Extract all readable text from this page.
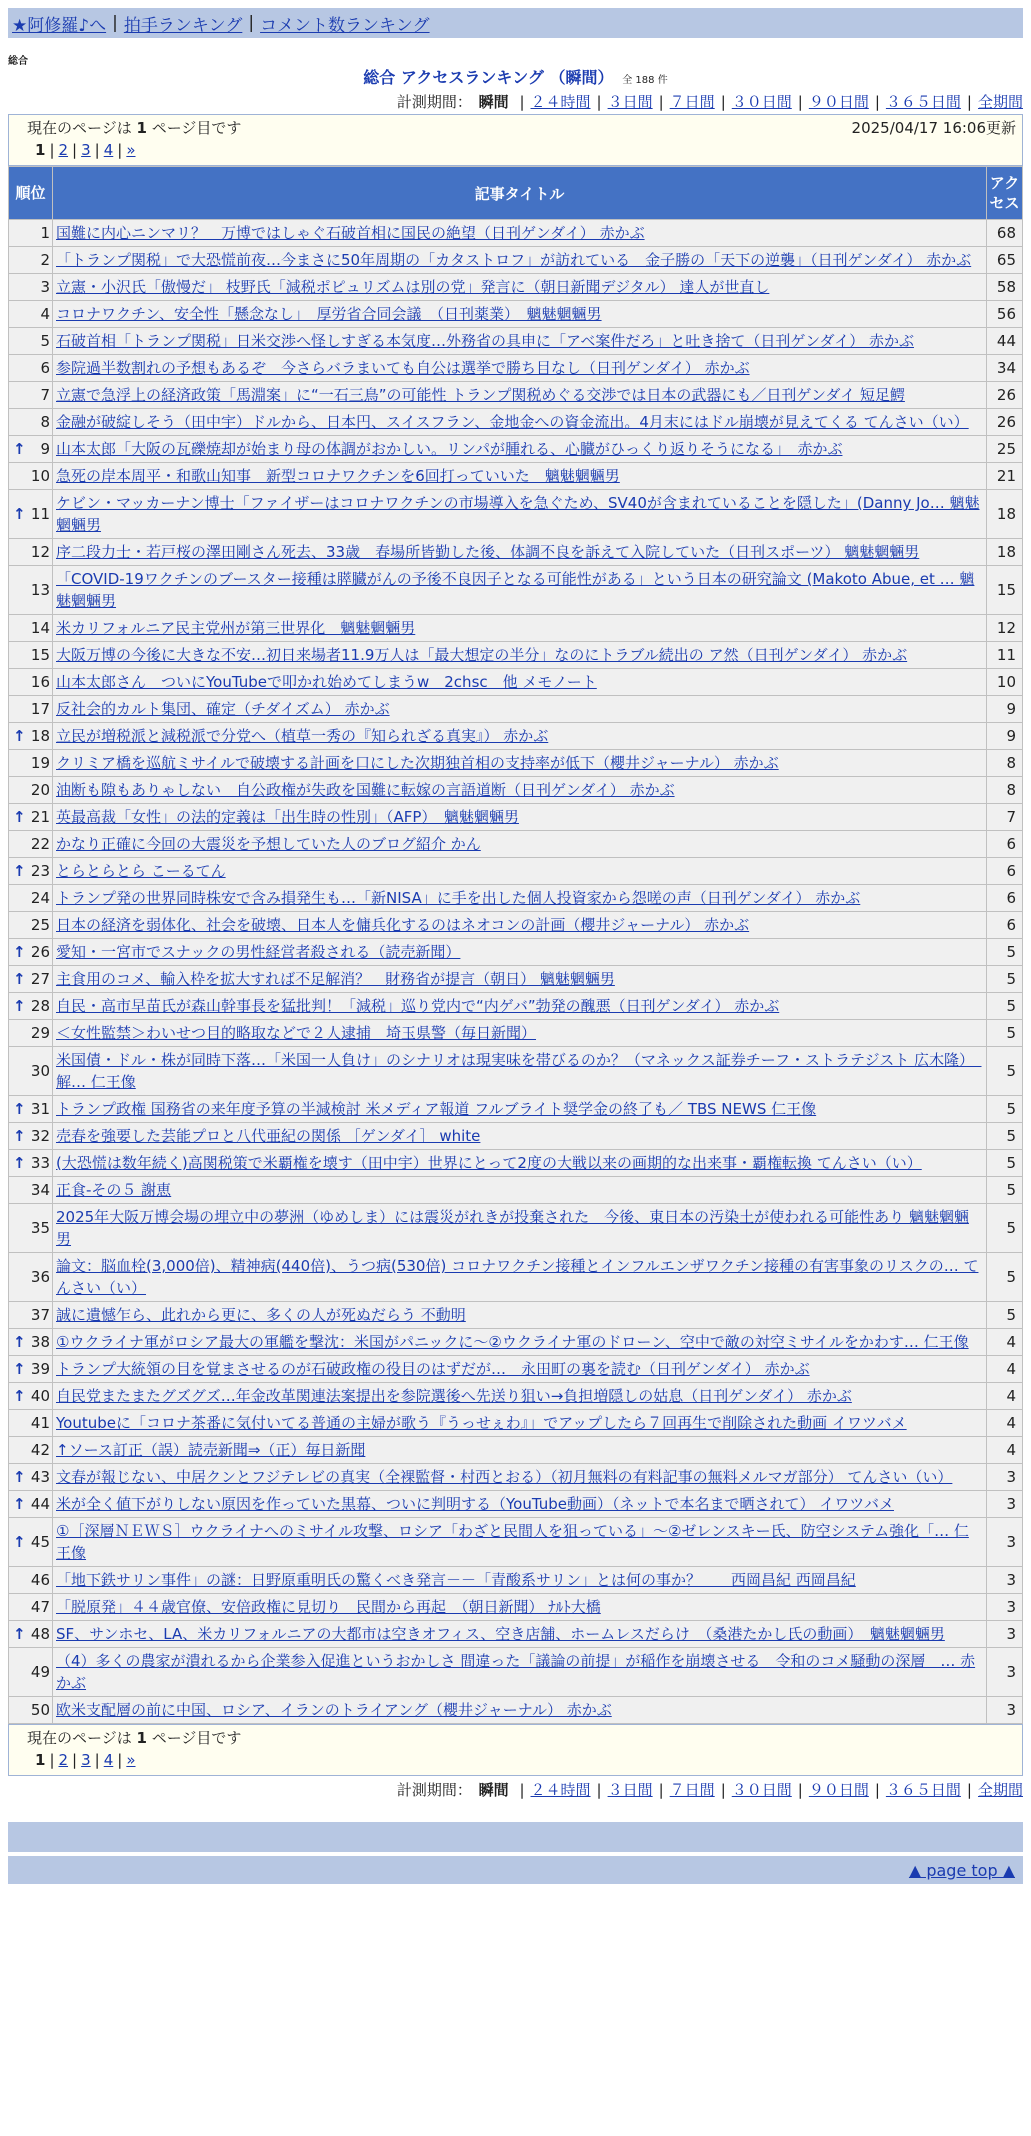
★阿修羅♪へ | 拍手ランキング | コメント数ランキング
総合
総合 アクセスランキング （瞬間） 全 188 件
計測期間： 瞬間 | ２４時間 | ３日間 | ７日間 | ３０日間 | ９０日間 | ３６５日間 | 全期間
現在のページは 1 ページ目です	2025/04/17 16:06更新
1 | 2 | 3 | 4 | »
順位	記事タイトル	アクセス
1	国難に内心ニンマリ？　万博ではしゃぐ石破首相に国民の絶望（日刊ゲンダイ） 赤かぶ	68
2	「トランプ関税」で大恐慌前夜…今まさに50年周期の「カタストロフ」が訪れている　金子勝の「天下の逆襲」（日刊ゲンダイ） 赤かぶ	65
3	立憲・小沢氏「傲慢だ」 枝野氏「減税ポピュリズムは別の党」発言に（朝日新聞デジタル） 達人が世直し	58
4	コロナワクチン、安全性「懸念なし」　厚労省合同会議　（日刊薬業）　魑魅魍魎男	56
5	石破首相「トランプ関税」日米交渉へ怪しすぎる本気度…外務省の具申に「アベ案件だろ」と吐き捨て（日刊ゲンダイ） 赤かぶ	44
6	参院過半数割れの予想もあるぞ　今さらバラまいても自公は選挙で勝ち目なし（日刊ゲンダイ） 赤かぶ	34
7	立憲で急浮上の経済政策「馬淵案」に“一石三鳥”の可能性 トランプ関税めぐる交渉では日本の武器にも／日刊ゲンダイ 短足鰐	26
8	金融が破綻しそう（田中宇）ドルから、日本円、スイスフラン、金地金への資金流出。4月末にはドル崩壊が見えてくる てんさい（い）	26

↑ 9	山本太郎「大阪の瓦礫焼却が始まり母の体調がおかしい。リンパが腫れる、心臓がひっくり返りそうになる」　赤かぶ	25
10	急死の岸本周平・和歌山知事　新型コロナワクチンを6回打っていいた　魑魅魍魎男	21

↑ 11	ケビン・マッカーナン博士「ファイザーはコロナワクチンの市場導入を急ぐため、SV40が含まれていることを隠した」(Danny Jo… 魑魅魍魎男	18
12	序二段力士・若戸桜の澤田剛さん死去、33歳　春場所皆勤した後、体調不良を訴えて入院していた（日刊スポーツ） 魑魅魍魎男	18
13	「COVID-19ワクチンのブースター接種は膵臓がんの予後不良因子となる可能性がある」という日本の研究論文 (Makoto Abue, et … 魑魅魍魎男	15
14	米カリフォルニア民主党州が第三世界化　魑魅魍魎男	12
15	大阪万博の今後に大きな不安…初日来場者11.9万人は「最大想定の半分」なのにトラブル続出の ア然（日刊ゲンダイ） 赤かぶ	11
16	山本太郎さん　ついにYouTubeで叩かれ始めてしまうw　2chsc　他 メモノート	10
17	反社会的カルト集団、確定（チダイズム） 赤かぶ	9

↑ 18	立民が増税派と減税派で分党へ（植草一秀の『知られざる真実』） 赤かぶ	9
19	クリミア橋を巡航ミサイルで破壊する計画を口にした次期独首相の支持率が低下（櫻井ジャーナル） 赤かぶ	8
20	油断も隙もありゃしない　自公政権が失政を国難に転嫁の言語道断（日刊ゲンダイ） 赤かぶ	8

↑ 21	英最高裁「女性」の法的定義は「出生時の性別」（AFP）　魑魅魍魎男	7
22	かなり正確に今回の大震災を予想していた人のブログ紹介 かん	6

↑ 23	とらとらとら こーるてん	6
24	トランプ発の世界同時株安で含み損発生も…「新NISA」に手を出した個人投資家から怨嗟の声（日刊ゲンダイ） 赤かぶ	6
25	日本の経済を弱体化、社会を破壊、日本人を傭兵化するのはネオコンの計画（櫻井ジャーナル） 赤かぶ	6

↑ 26	愛知・一宮市でスナックの男性経営者殺される（読売新聞）	5

↑ 27	主食用のコメ、輸入枠を拡大すれば不足解消？　財務省が提言（朝日） 魑魅魍魎男	5

↑ 28	自民・高市早苗氏が森山幹事長を猛批判！「減税」巡り党内で“内ゲバ”勃発の醜悪（日刊ゲンダイ） 赤かぶ	5
29	＜女性監禁＞わいせつ目的略取などで２人逮捕　埼玉県警（毎日新聞）	5
30	米国債・ドル・株が同時下落…「米国一人負け」のシナリオは現実味を帯びるのか？（マネックス証券チーフ・ストラテジスト 広木隆）　解… 仁王像	5

↑ 31	トランプ政権 国務省の来年度予算の半減検討 米メディア報道 フルブライト奨学金の終了も／ TBS NEWS 仁王像	5

↑ 32	売春を強要した芸能プロと八代亜紀の関係 ［ゲンダイ］ white	5

↑ 33	(大恐慌は数年続く)高関税策で米覇権を壊す（田中宇）世界にとって2度の大戦以来の画期的な出来事・覇権転換 てんさい（い）	5
34	正食-その５ 謝恵	5
35	2025年大阪万博会場の埋立中の夢洲（ゆめしま）には震災がれきが投棄された　今後、東日本の汚染土が使われる可能性あり 魑魅魍魎男	5
36	論文：脳血栓(3,000倍)、精神病(440倍)、うつ病(530倍) コロナワクチン接種とインフルエンザワクチン接種の有害事象のリスクの… てんさい（い）	5
37	誠に遺憾乍ら、此れから更に、多くの人が死ぬだらう 不動明	5

↑ 38	①ウクライナ軍がロシア最大の軍艦を撃沈：米国がパニックに～②ウクライナ軍のドローン、空中で敵の対空ミサイルをかわす… 仁王像	4

↑ 39	トランプ大統領の目を覚まさせるのが石破政権の役目のはずだが…　永田町の裏を読む（日刊ゲンダイ） 赤かぶ	4

↑ 40	自民党またまたグズグズ…年金改革関連法案提出を参院選後へ先送り狙い→負担増隠しの姑息（日刊ゲンダイ） 赤かぶ	4
41	Youtubeに「コロナ茶番に気付いてる普通の主婦が歌う『うっせぇわ』」でアップしたら７回再生で削除された動画 イワツバメ	4
42	↑ソース訂正（誤）読売新聞⇒（正）毎日新聞	4

↑ 43	文春が報じない、中居クンとフジテレビの真実（全裸監督・村西とおる）（初月無料の有料記事の無料メルマガ部分） てんさい（い）	3

↑ 44	米が全く値下がりしない原因を作っていた黒幕、ついに判明する（YouTube動画）（ネットで本名まで晒されて） イワツバメ	3

↑ 45	①［深層ＮＥＷＳ］ウクライナへのミサイル攻撃、ロシア「わざと民間人を狙っている」～②ゼレンスキー氏、防空システム強化「… 仁王像	3
46	「地下鉄サリン事件」の謎：日野原重明氏の驚くべき発言－－「青酸系サリン」とは何の事か？　　西岡昌紀 西岡昌紀	3
47	「脱原発」４４歳官僚、安倍政権に見切り　民間から再起　（朝日新聞） ﾅﾙﾄ大橋	3

↑ 48	SF、サンホセ、LA、米カリフォルニアの大都市は空きオフィス、空き店舗、ホームレスだらけ　（桑港たかし氏の動画）　魑魅魍魎男	3
49	（4）多くの農家が潰れるから企業参入促進というおかしさ 間違った「議論の前提」が稲作を崩壊させる　令和のコメ騒動の深層　… 赤かぶ	3
50	欧米支配層の前に中国、ロシア、イランのトライアング（櫻井ジャーナル） 赤かぶ	3
現在のページは 1 ページ目です
1 | 2 | 3 | 4 | »
計測期間： 瞬間 | ２４時間 | ３日間 | ７日間 | ３０日間 | ９０日間 | ３６５日間 | 全期間
▲ page top ▲
